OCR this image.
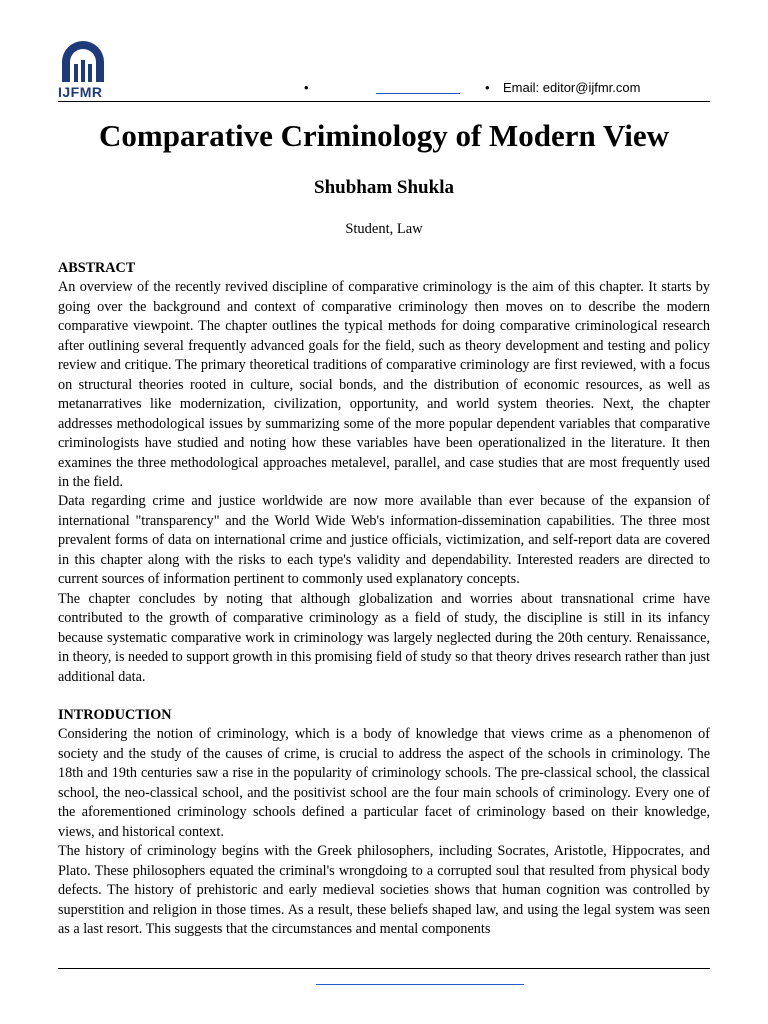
IJFMR	•	• Email: editor@ijfmr.com
Comparative Criminology of Modern View
Shubham Shukla
Student, Law

ABSTRACT

An overview of the recently revived discipline of comparative criminology is the aim of this chapter. It starts by going over the background and context of comparative criminology then moves on to describe the modern comparative viewpoint. The chapter outlines the typical methods for doing comparative criminological research after outlining several frequently advanced goals for the field, such as theory development and testing and policy review and critique. The primary theoretical traditions of comparative criminology are first reviewed, with a focus on structural theories rooted in culture, social bonds, and the distribution of economic resources, as well as metanarratives like modernization, civilization, opportunity, and world system theories. Next, the chapter addresses methodological issues by summarizing some of the more popular dependent variables that comparative criminologists have studied and noting how these variables have been operationalized in the literature. It then examines the three methodological approaches metalevel, parallel, and case studies that are most frequently used in the field.

Data regarding crime and justice worldwide are now more available than ever because of the expansion of international "transparency" and the World Wide Web's information-dissemination capabilities. The three most prevalent forms of data on international crime and justice officials, victimization, and self-report data are covered in this chapter along with the risks to each type's validity and dependability. Interested readers are directed to current sources of information pertinent to commonly used explanatory concepts.

The chapter concludes by noting that although globalization and worries about transnational crime have contributed to the growth of comparative criminology as a field of study, the discipline is still in its infancy because systematic comparative work in criminology was largely neglected during the 20th century. Renaissance, in theory, is needed to support growth in this promising field of study so that theory drives research rather than just additional data.

INTRODUCTION

Considering the notion of criminology, which is a body of knowledge that views crime as a phenomenon of society and the study of the causes of crime, is crucial to address the aspect of the schools in criminology. The 18th and 19th centuries saw a rise in the popularity of criminology schools. The pre-classical school, the classical school, the neo-classical school, and the positivist school are the four main schools of criminology. Every one of the aforementioned criminology schools defined a particular facet of criminology based on their knowledge, views, and historical context.

The history of criminology begins with the Greek philosophers, including Socrates, Aristotle, Hippocrates, and Plato. These philosophers equated the criminal's wrongdoing to a corrupted soul that resulted from physical body defects. The history of prehistoric and early medieval societies shows that human cognition was controlled by superstition and religion in those times. As a result, these beliefs shaped law, and using the legal system was seen as a last resort. This suggests that the circumstances and mental components
